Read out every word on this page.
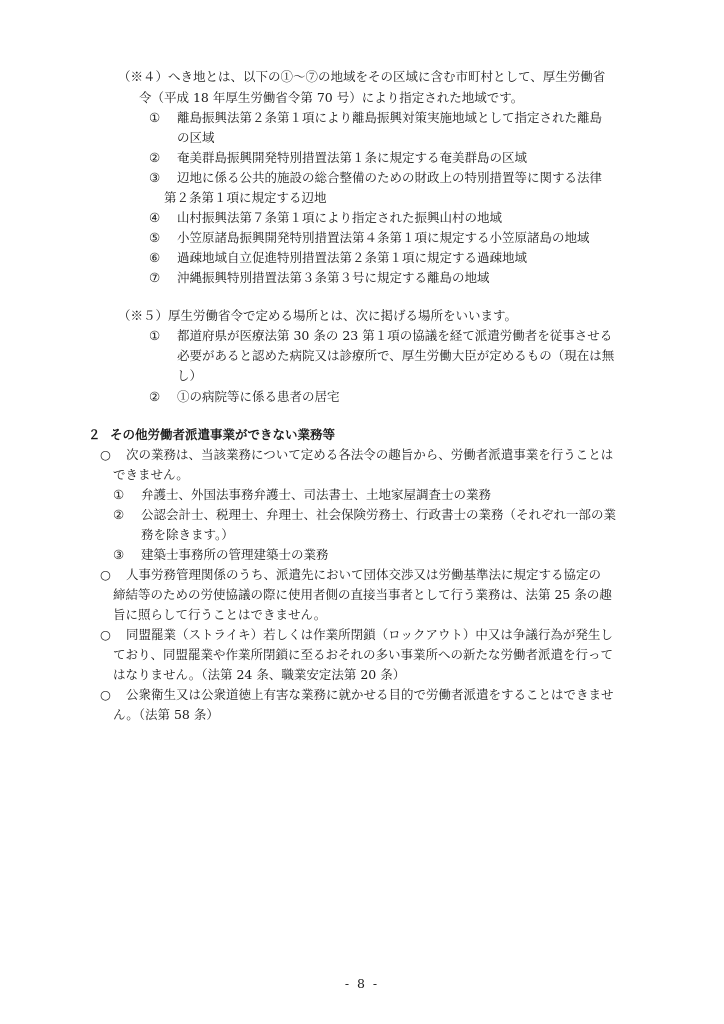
（※４）へき地とは、以下の①～⑦の地域をその区域に含む市町村として、厚生労働省
令（平成 18 年厚生労働省令第 70 号）により指定された地域です。
① 離島振興法第２条第１項により離島振興対策実施地域として指定された離島
の区域
② 奄美群島振興開発特別措置法第１条に規定する奄美群島の区域
③ 辺地に係る公共的施設の総合整備のための財政上の特別措置等に関する法律
第２条第１項に規定する辺地
④ 山村振興法第７条第１項により指定された振興山村の地域
⑤ 小笠原諸島振興開発特別措置法第４条第１項に規定する小笠原諸島の地域
⑥ 過疎地域自立促進特別措置法第２条第１項に規定する過疎地域
⑦ 沖縄振興特別措置法第３条第３号に規定する離島の地域
（※５）厚生労働省令で定める場所とは、次に掲げる場所をいいます。
① 都道府県が医療法第 30 条の 23 第１項の協議を経て派遣労働者を従事させる
必要があると認めた病院又は診療所で、厚生労働大臣が定めるもの（現在は無
し）
② ①の病院等に係る患者の居宅
２ その他労働者派遣事業ができない業務等
○ 次の業務は、当該業務について定める各法令の趣旨から、労働者派遣事業を行うことは
できません。
① 弁護士、外国法事務弁護士、司法書士、土地家屋調査士の業務
② 公認会計士、税理士、弁理士、社会保険労務士、行政書士の業務（それぞれ一部の業
務を除きます。）
③ 建築士事務所の管理建築士の業務
○ 人事労務管理関係のうち、派遣先において団体交渉又は労働基準法に規定する協定の
締結等のための労使協議の際に使用者側の直接当事者として行う業務は、法第 25 条の趣
旨に照らして行うことはできません。
○ 同盟罷業（ストライキ）若しくは作業所閉鎖（ロックアウト）中又は争議行為が発生し
ており、同盟罷業や作業所閉鎖に至るおそれの多い事業所への新たな労働者派遣を行って
はなりません。（法第 24 条、職業安定法第 20 条）
○ 公衆衛生又は公衆道徳上有害な業務に就かせる目的で労働者派遣をすることはできませ
ん。（法第 58 条）
- 8 -
